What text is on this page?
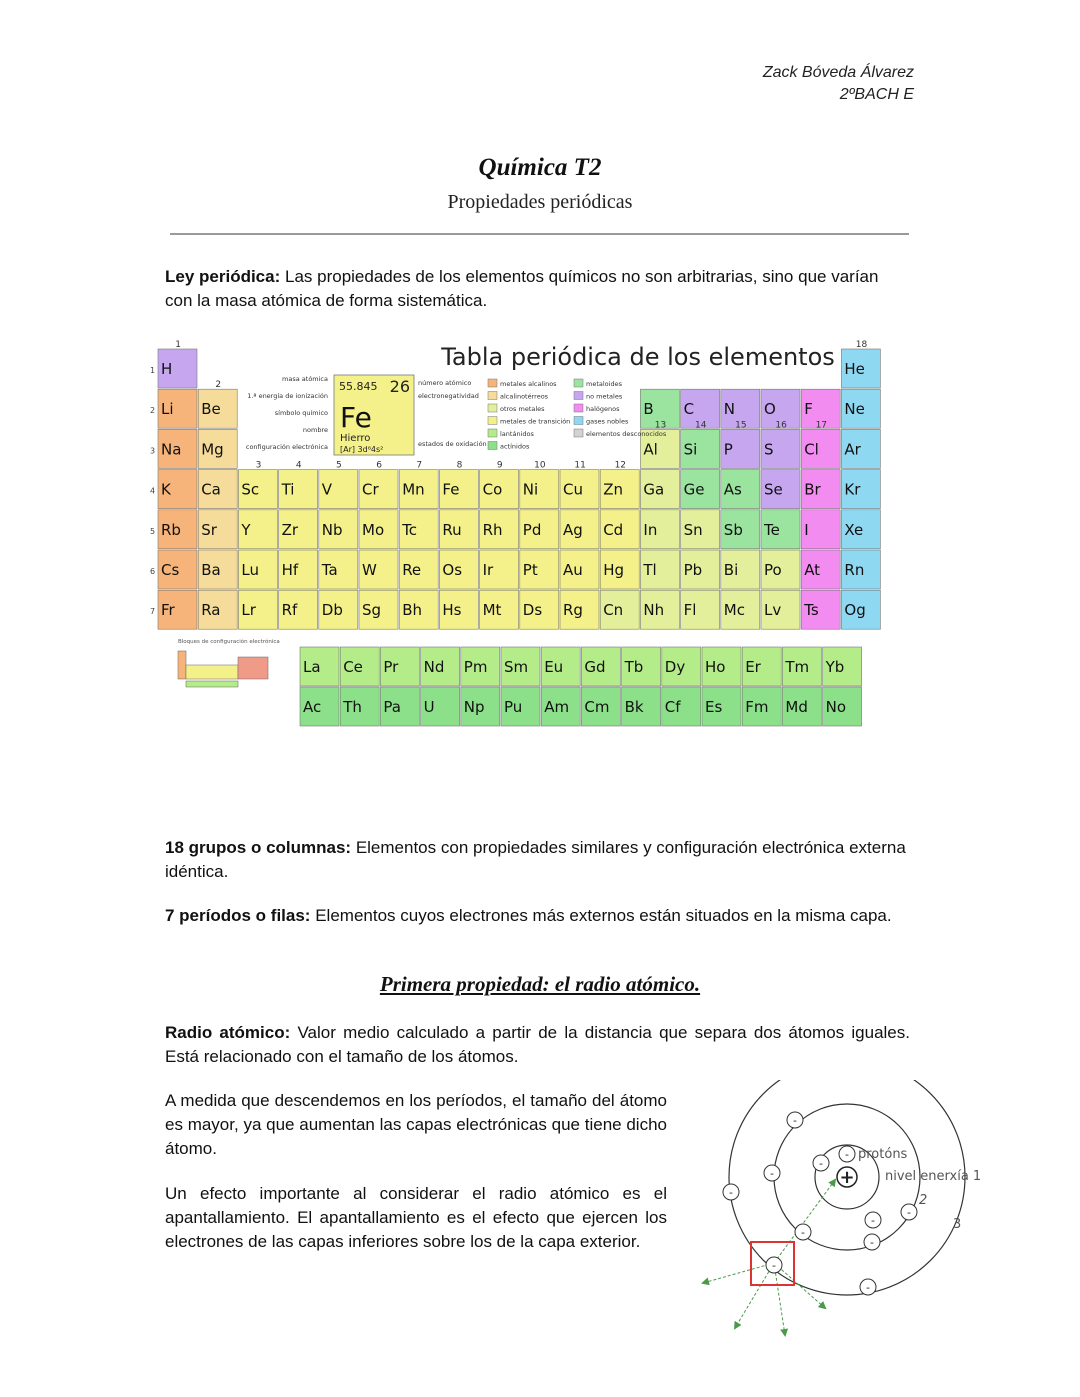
Zack Bóveda Álvarez
2ºBACH E
Química T2
Propiedades periódicas
Ley periódica: Las propiedades de los elementos químicos no son arbitrarias, sino que varían con la masa atómica de forma sistemática.
Tabla periódica de los elementos
1
2
3
4
5
6
7
H	He
Li Be	B C N O F Ne
Na Mg	Al Si P S Cl Ar
K Ca Sc Ti V Cr Mn Fe Co Ni Cu Zn Ga Ge As Se Br Kr
Rb Sr Y Zr Nb Mo Tc Ru Rh Pd Ag Cd In Sn Sb Te I Xe
Cs Ba Lu Hf Ta W Re Os Ir Pt Au Hg Tl Pb Bi Po At Rn
Fr Ra Lr Rf Db Sg Bh Hs Mt Ds Rg Cn Nh Fl Mc Lv Ts Og
1
2
13	14	15	16	17
18
3	4	5	6	7	8	9	10	11	12
55.845 26
Fe
Hierro
[Ar] 3d⁶4s²
masa atómica
1.ª energía de ionización
símbolo químico
nombre
configuración electrónica
número atómico
electronegatividad
estados de oxidación
metales alcalinos
alcalinotérreos
otros metales
metales de transición
lantánidos
actínidos
metaloides
no metales
halógenos
gases nobles
elementos desconocidos
La Ce Pr Nd Pm Sm Eu Gd Tb Dy Ho Er Tm Yb
Ac Th Pa U Np Pu Am Cm Bk Cf Es Fm Md No
Bloques de configuración electrónica
18 grupos o columnas: Elementos con propiedades similares y configuración electrónica externa idéntica.
7 períodos o filas: Elementos cuyos electrones más externos están situados en la misma capa.
Primera propiedad: el radio atómico.
Radio atómico: Valor medio calculado a partir de la distancia que separa dos átomos iguales. Está relacionado con el tamaño de los átomos.
A medida que descendemos en los períodos, el tamaño del átomo es mayor, ya que aumentan las capas electrónicas que tiene dicho átomo.
Un efecto importante al considerar el radio atómico es el apantallamiento. El apantallamiento es el efecto que ejercen los electrones de las capas inferiores sobre los de la capa exterior.
-
-
-
-
-
-
-
-
-
-
-
+
protóns
nivel enerxía 1
2
3
